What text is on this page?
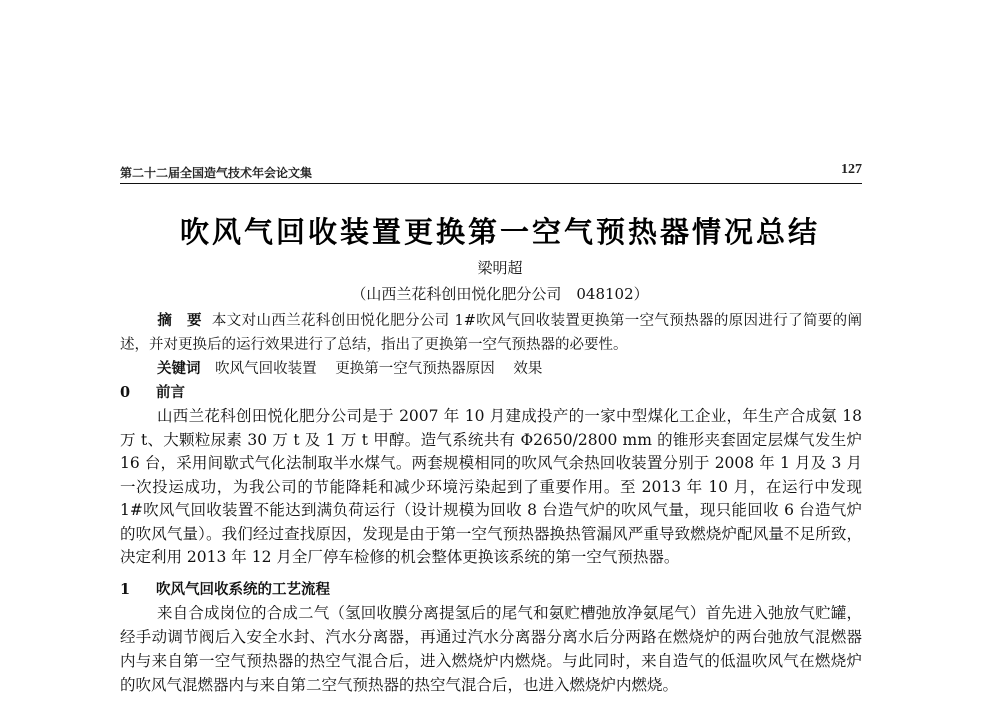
第二十二届全国造气技术年会论文集	127
吹风气回收装置更换第一空气预热器情况总结
梁明超
（山西兰花科创田悦化肥分公司　048102）
摘　要 本文对山西兰花科创田悦化肥分公司 1#吹风气回收装置更换第一空气预热器的原因进行了简要的阐述，并对更换后的运行效果进行了总结，指出了更换第一空气预热器的必要性。
关键词 吹风气回收装置 更换第一空气预热器原因 效果
0 前言
山西兰花科创田悦化肥分公司是于 2007 年 10 月建成投产的一家中型煤化工企业，年生产合成氨 18 万 t、大颗粒尿素 30 万 t 及 1 万 t 甲醇。造气系统共有 Φ2650/2800 mm 的锥形夹套固定层煤气发生炉 16 台，采用间歇式气化法制取半水煤气。两套规模相同的吹风气余热回收装置分别于 2008 年 1 月及 3 月一次投运成功，为我公司的节能降耗和减少环境污染起到了重要作用。至 2013 年 10 月，在运行中发现 1#吹风气回收装置不能达到满负荷运行（设计规模为回收 8 台造气炉的吹风气量，现只能回收 6 台造气炉的吹风气量）。我们经过查找原因，发现是由于第一空气预热器换热管漏风严重导致燃烧炉配风量不足所致，决定利用 2013 年 12 月全厂停车检修的机会整体更换该系统的第一空气预热器。
1 吹风气回收系统的工艺流程
来自合成岗位的合成二气（氢回收膜分离提氢后的尾气和氨贮槽弛放净氨尾气）首先进入弛放气贮罐，经手动调节阀后入安全水封、汽水分离器，再通过汽水分离器分离水后分两路在燃烧炉的两台弛放气混燃器内与来自第一空气预热器的热空气混合后，进入燃烧炉内燃烧。与此同时，来自造气的低温吹风气在燃烧炉的吹风气混燃器内与来自第二空气预热器的热空气混合后，也进入燃烧炉内燃烧。
